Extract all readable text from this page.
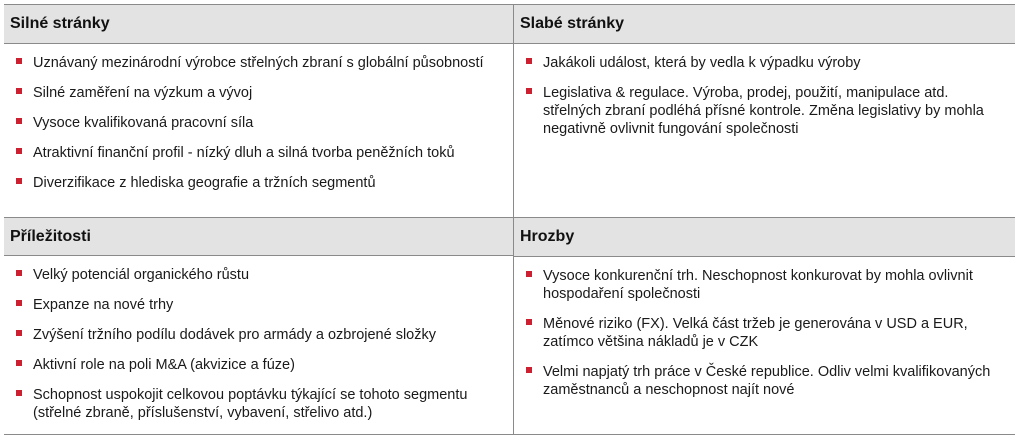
Silné stránky
Uznávaný mezinárodní výrobce střelných zbraní s globální působností
Silné zaměření na výzkum a vývoj
Vysoce kvalifikovaná pracovní síla
Atraktivní finanční profil - nízký dluh a silná tvorba peněžních toků
Diverzifikace z hlediska geografie a tržních segmentů
Slabé stránky
Jakákoli událost, která by vedla k výpadku výroby
Legislativa & regulace. Výroba, prodej, použití, manipulace atd. střelných zbraní podléhá přísné kontrole. Změna legislativy by mohla negativně ovlivnit fungování společnosti
Příležitosti
Velký potenciál organického růstu
Expanze na nové trhy
Zvýšení tržního podílu dodávek pro armády a ozbrojené složky
Aktivní role na poli M&A (akvizice a fúze)
Schopnost uspokojit celkovou poptávku týkající se tohoto segmentu (střelné zbraně, příslušenství, vybavení, střelivo atd.)
Hrozby
Vysoce konkurenční trh. Neschopnost konkurovat by mohla ovlivnit hospodaření společnosti
Měnové riziko (FX). Velká část tržeb je generována v USD a EUR, zatímco většina nákladů je v CZK
Velmi napjatý trh práce v České republice. Odliv velmi kvalifikovaných zaměstnanců a neschopnost najít nové
